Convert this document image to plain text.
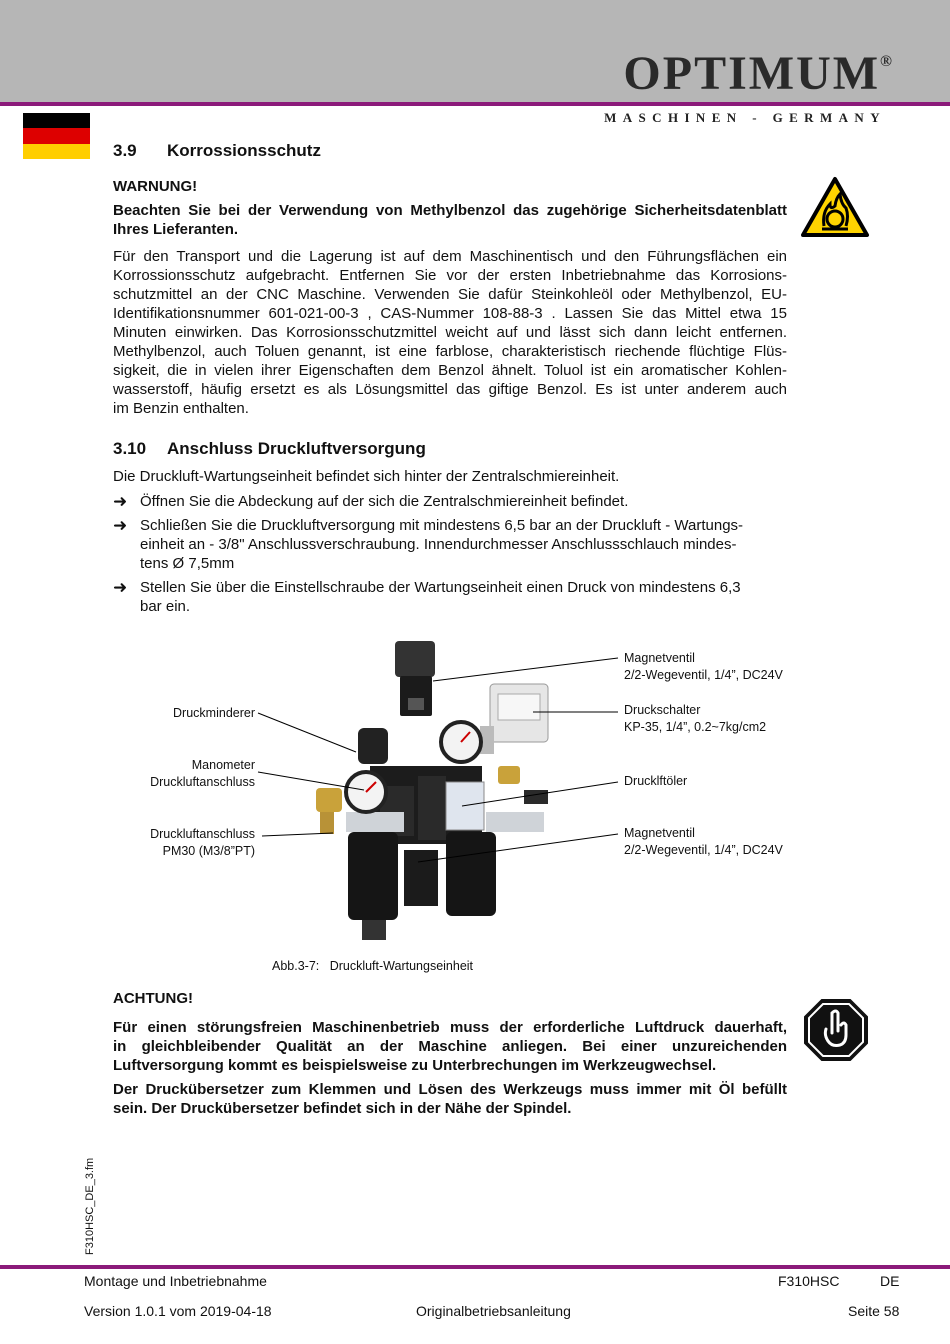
OPTIMUM®
MASCHINEN - GERMANY
3.9 Korrossionsschutz
WARNUNG!
Beachten Sie bei der Verwendung von Methylbenzol das zugehörige Sicherheitsdatenblatt Ihres Lieferanten.
Für den Transport und die Lagerung ist auf dem Maschinentisch und den Führungsflächen ein
Korrossionsschutz aufgebracht. Entfernen Sie vor der ersten Inbetriebnahme das Korrosions-
schutzmittel an der CNC Maschine. Verwenden Sie dafür Steinkohleöl oder Methylbenzol, EU-
Identifikationsnummer 601-021-00-3 , CAS-Nummer 108-88-3 . Lassen Sie das Mittel etwa 15
Minuten einwirken. Das Korrosionsschutzmittel weicht auf und lässt sich dann leicht entfernen.
Methylbenzol, auch Toluen genannt, ist eine farblose, charakteristisch riechende flüchtige Flüs-
sigkeit, die in vielen ihrer Eigenschaften dem Benzol ähnelt. Toluol ist ein aromatischer Kohlen-
wasserstoff, häufig ersetzt es als Lösungsmittel das giftige Benzol. Es ist unter anderem auch
im Benzin enthalten.
3.10 Anschluss Druckluftversorgung
Die Druckluft-Wartungseinheit befindet sich hinter der Zentralschmiereinheit.
➜ Öffnen Sie die Abdeckung auf der sich die Zentralschmiereinheit befindet.
➜ Schließen Sie die Druckluftversorgung mit mindestens 6,5 bar an der Druckluft - Wartungs-
einheit an - 3/8" Anschlussverschraubung. Innendurchmesser Anschlussschlauch mindes-
tens Ø 7,5mm
➜ Stellen Sie über die Einstellschraube der Wartungseinheit einen Druck von mindestens 6,3
bar ein.
Druckminderer
Manometer
Druckluftanschluss
Druckluftanschluss
PM30 (M3/8”PT)
Magnetventil
2/2-Wegeventil, 1/4”, DC24V
Druckschalter
KP-35, 1/4”, 0.2~7kg/cm2
Drucklftöler
Magnetventil
2/2-Wegeventil, 1/4”, DC24V
Abb.3-7: Druckluft-Wartungseinheit
ACHTUNG!
Für einen störungsfreien Maschinenbetrieb muss der erforderliche Luftdruck dauerhaft,
in gleichbleibender Qualität an der Maschine anliegen. Bei einer unzureichenden
Luftversorgung kommt es beispielsweise zu Unterbrechungen im Werkzeugwechsel.
Der Druckübersetzer zum Klemmen und Lösen des Werkzeugs muss immer mit Öl befüllt
sein. Der Druckübersetzer befindet sich in der Nähe der Spindel.
F310HSC_DE_3.fm
Montage und Inbetriebnahme	F310HSC	DE
Version 1.0.1 vom 2019-04-18	Originalbetriebsanleitung	Seite 58
